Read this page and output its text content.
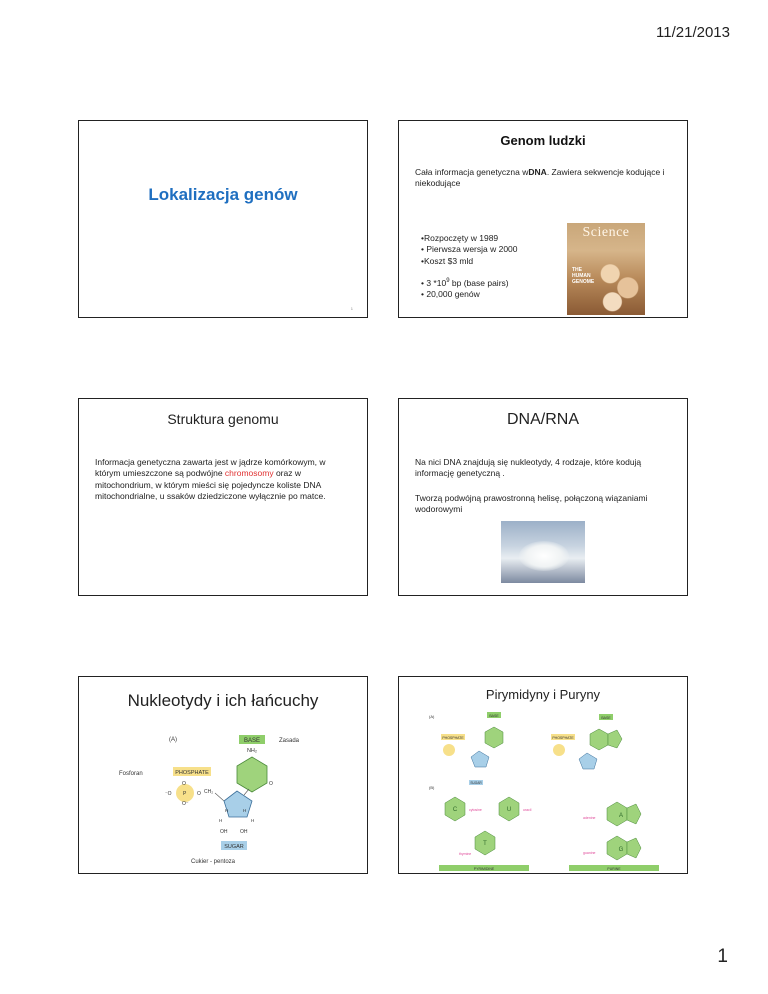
11/21/2013
Lokalizacja genów
1
Genom ludzki
Cała informacja genetyczna wDNA. Zawiera sekwencje kodujące i niekodujące
•Rozpoczęty w 1989
• Pierwsza wersja w 2000
•Koszt $3 mld
• 3 $*10^9$ bp (base pairs)
• 20,000 genów
Science
THE
HUMAN
GENOME
Struktura genomu
Informacja genetyczna zawarta jest w jądrze komórkowym, w którym umieszczone są podwójne chromosomy oraz w mitochondrium, w którym mieści się pojedyncze koliste DNA mitochondrialne, u ssaków dziedziczone wyłącznie po matce.
DNA/RNA
Na nici DNA znajdują się nukleotydy, 4 rodzaje, które kodują informację genetyczną .
Tworzą podwójną prawostronną helisę, połączoną wiązaniami wodorowymi
Nukleotydy i ich łańcuchy
(A)	BASE	Zasada
NH₂
O
Fosforan	PHOSPHATE
O
⁻O P
O⁻
O CH₂
H	H
H	H
OH	OH
SUGAR
Cukier - pentoza
Pirymidyny i Puryny
(A)	BASE
PHOSPHATE
SUGAR
BASE
PHOSPHATE
(B)
C	cytosine	U	uracil
T
thymine
A
adenine
G
guanine
PYRIMIDINE	PURINE
1
